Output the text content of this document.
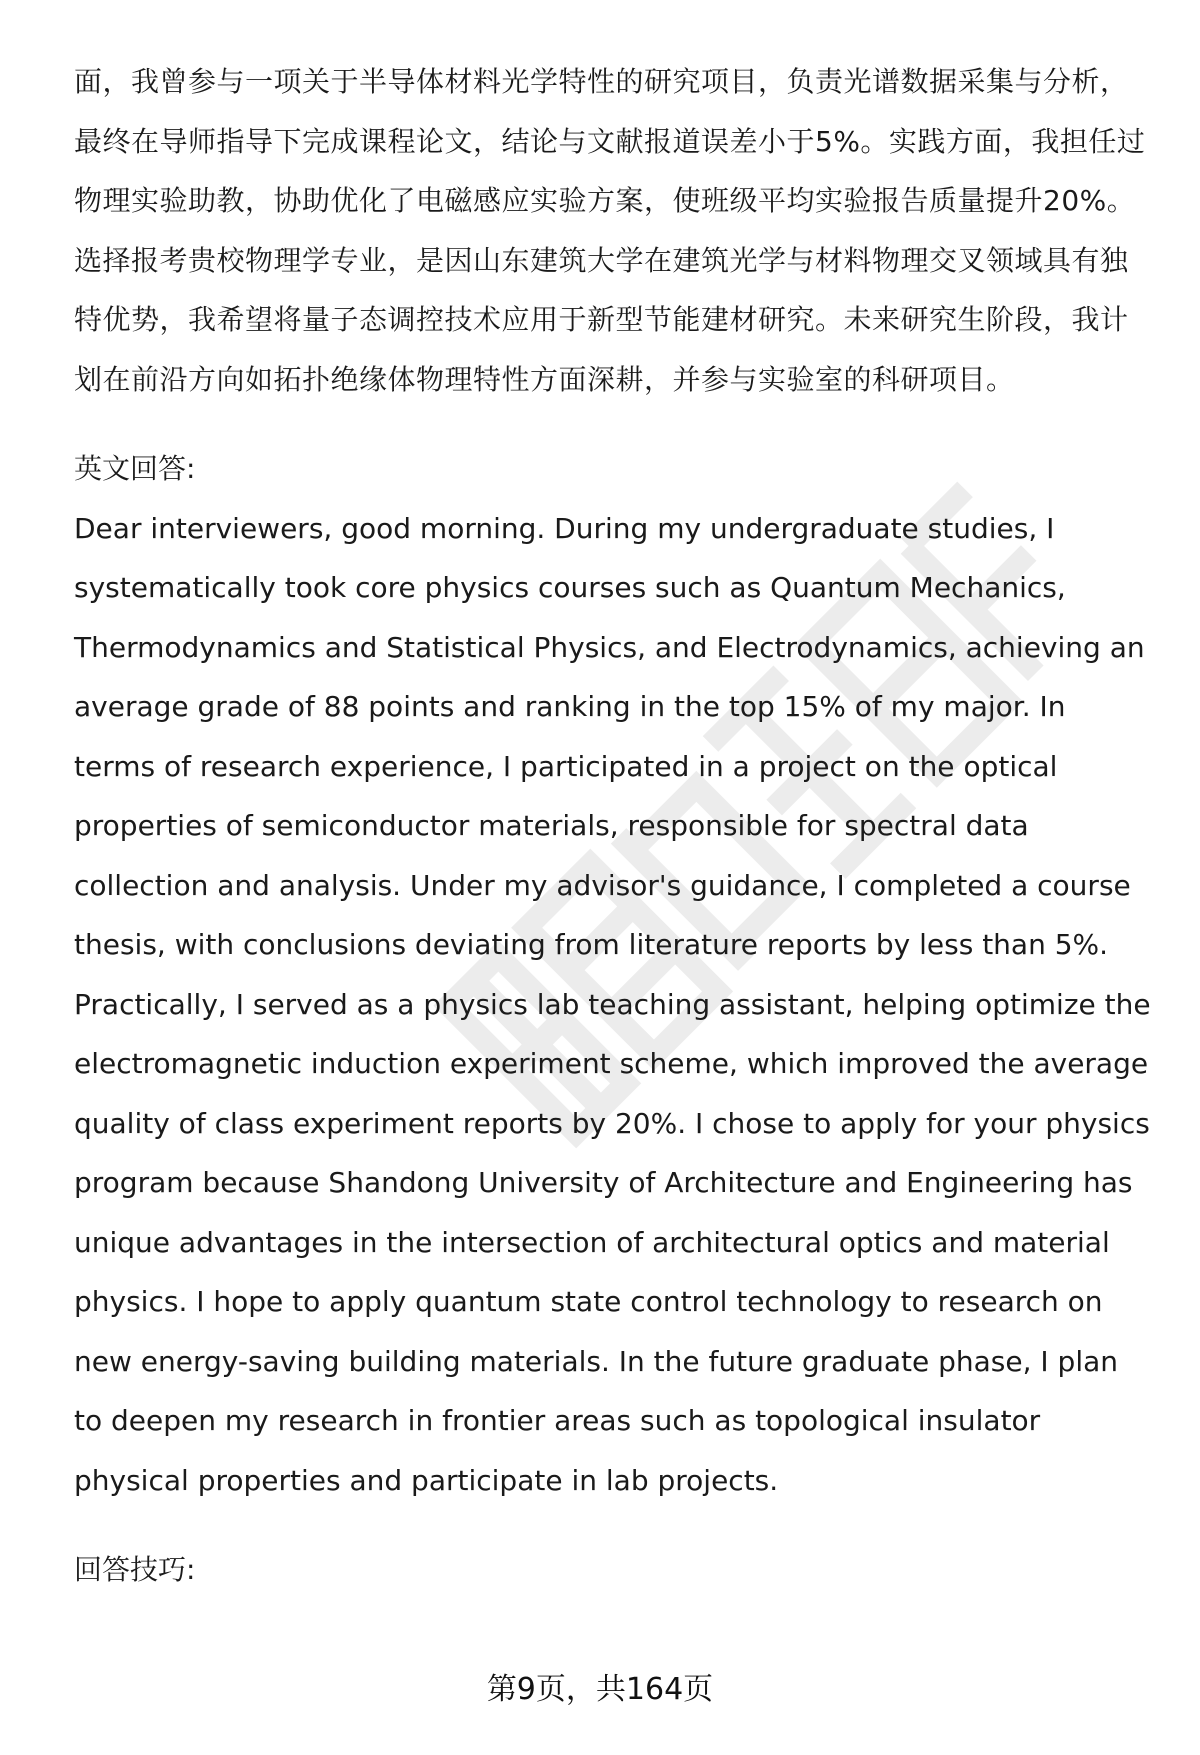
面，我曾参与一项关于半导体材料光学特性的研究项目，负责光谱数据采集与分析，最终在导师指导下完成课程论文，结论与文献报道误差小于5%。实践方面，我担任过物理实验助教，协助优化了电磁感应实验方案，使班级平均实验报告质量提升20%。选择报考贵校物理学专业，是因山东建筑大学在建筑光学与材料物理交叉领域具有独特优势，我希望将量子态调控技术应用于新型节能建材研究。未来研究生阶段，我计划在前沿方向如拓扑绝缘体物理特性方面深耕，并参与实验室的科研项目。

英文回答:

Dear interviewers, good morning. During my undergraduate studies, I systematically took core physics courses such as Quantum Mechanics, Thermodynamics and Statistical Physics, and Electrodynamics, achieving an average grade of 88 points and ranking in the top 15% of my major. In terms of research experience, I participated in a project on the optical properties of semiconductor materials, responsible for spectral data collection and analysis. Under my advisor's guidance, I completed a course thesis, with conclusions deviating from literature reports by less than 5%. Practically, I served as a physics lab teaching assistant, helping optimize the electromagnetic induction experiment scheme, which improved the average quality of class experiment reports by 20%. I chose to apply for your physics program because Shandong University of Architecture and Engineering has unique advantages in the intersection of architectural optics and material physics. I hope to apply quantum state control technology to research on new energy-saving building materials. In the future graduate phase, I plan to deepen my research in frontier areas such as topological insulator physical properties and participate in lab projects.

回答技巧:

第9页，共164页
